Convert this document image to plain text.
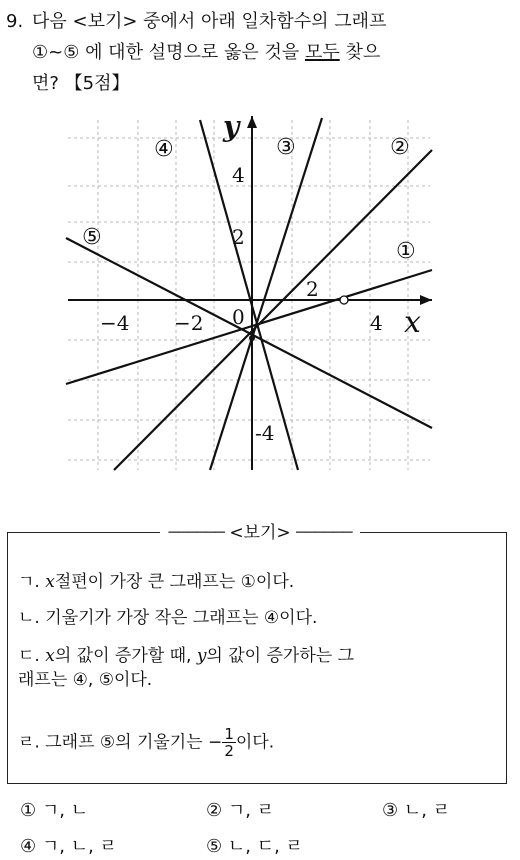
9. 다음 <보기> 중에서 아래 일차함수의 그래프
①~⑤ 에 대한 설명으로 옳은 것을 모두 찾으
면? 【5점】
y
x
0
−4 −2
2
4
4
2
-4
①
②
③
④
⑤
────── <보기> ──────
ㄱ. x절편이 가장 큰 그래프는 ①이다.
ㄴ. 기울기가 가장 작은 그래프는 ④이다.
ㄷ. x의 값이 증가할 때, y의 값이 증가하는 그
래프는 ④, ⑤이다.
ㄹ. 그래프 ⑤의 기울기는 − $\frac{1}{2}$ 이다.
① ㄱ, ㄴ	② ㄱ, ㄹ	③ ㄴ, ㄹ
④ ㄱ, ㄴ, ㄹ	⑤ ㄴ, ㄷ, ㄹ
